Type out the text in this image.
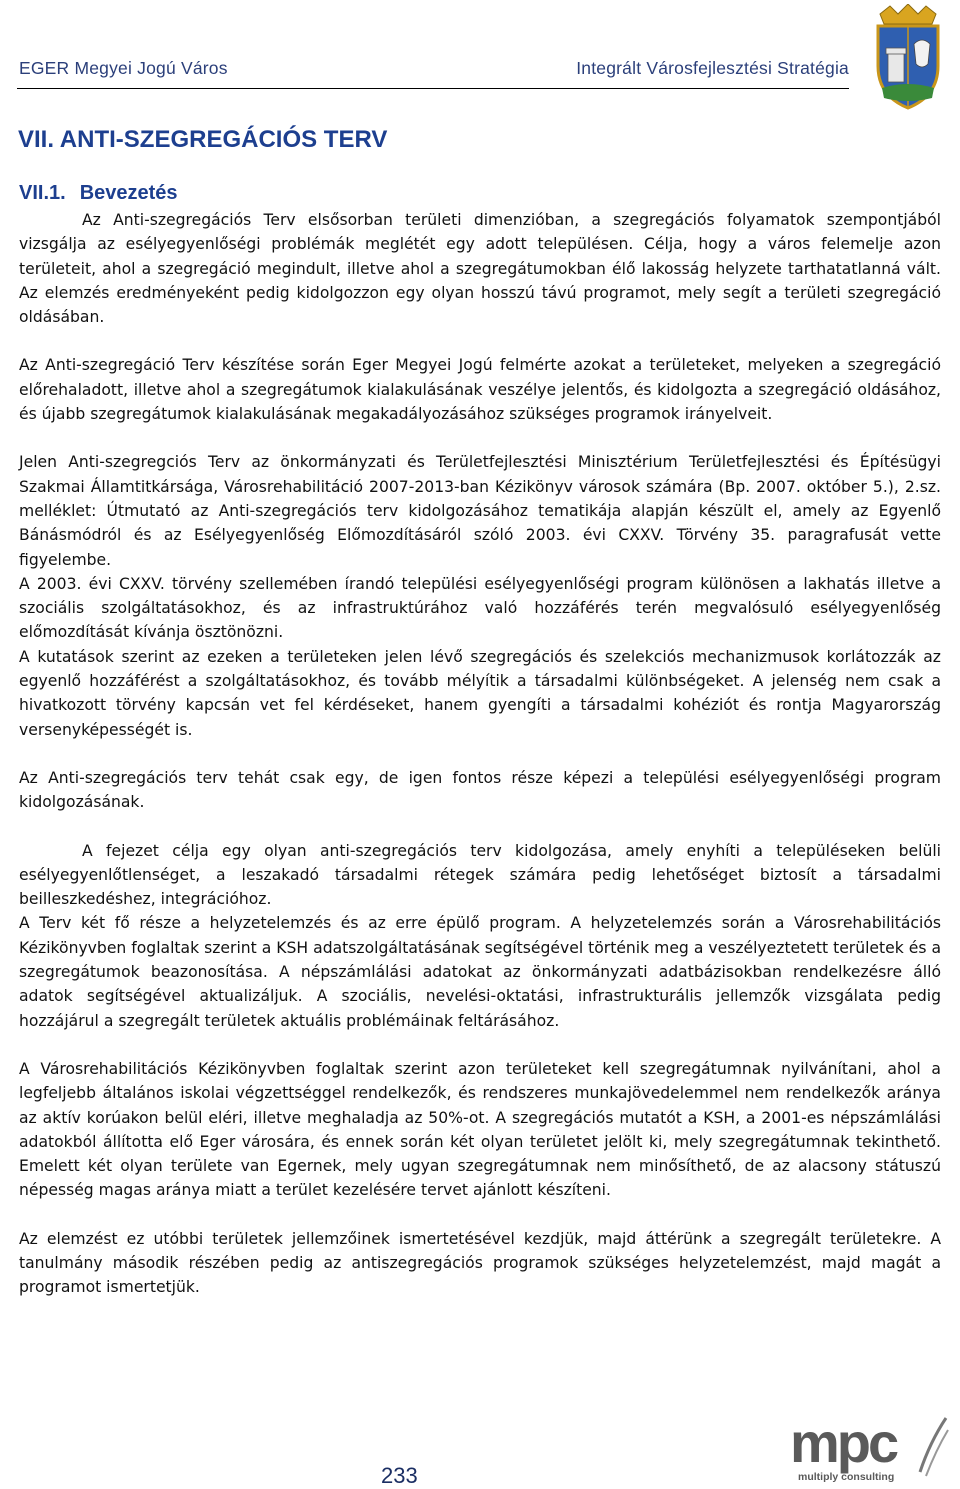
EGER Megyei Jogú Város	Integrált Városfejlesztési Stratégia
VII. ANTI-SZEGREGÁCIÓS TERV
VII.1. Bevezetés

Az Anti-szegregációs Terv elsősorban területi dimenzióban, a szegregációs folyamatok szempontjából vizsgálja az esélyegyenlőségi problémák meglétét egy adott településen. Célja, hogy a város felemelje azon területeit, ahol a szegregáció megindult, illetve ahol a szegregátumokban élő lakosság helyzete tarthatatlanná vált. Az elemzés eredményeként pedig kidolgozzon egy olyan hosszú távú programot, mely segít a területi szegregáció oldásában.

Az Anti-szegregáció Terv készítése során Eger Megyei Jogú felmérte azokat a területeket, melyeken a szegregáció előrehaladott, illetve ahol a szegregátumok kialakulásának veszélye jelentős, és kidolgozta a szegregáció oldásához, és újabb szegregátumok kialakulásának megakadályozásához szükséges programok irányelveit.

Jelen Anti-szegregciós Terv az önkormányzati és Területfejlesztési Minisztérium Területfejlesztési és Építésügyi Szakmai Államtitkársága, Városrehabilitáció 2007-2013-ban Kézikönyv városok számára (Bp. 2007. október 5.), 2.sz. melléklet: Útmutató az Anti-szegregációs terv kidolgozásához tematikája alapján készült el, amely az Egyenlő Bánásmódról és az Esélyegyenlőség Előmozdításáról szóló 2003. évi CXXV. Törvény 35. paragrafusát vette figyelembe.

A 2003. évi CXXV. törvény szellemében írandó települési esélyegyenlőségi program különösen a lakhatás illetve a szociális szolgáltatásokhoz, és az infrastruktúrához való hozzáférés terén megvalósuló esélyegyenlőség előmozdítását kívánja ösztönözni.

A kutatások szerint az ezeken a területeken jelen lévő szegregációs és szelekciós mechanizmusok korlátozzák az egyenlő hozzáférést a szolgáltatásokhoz, és tovább mélyítik a társadalmi különbségeket. A jelenség nem csak a hivatkozott törvény kapcsán vet fel kérdéseket, hanem gyengíti a társadalmi kohéziót és rontja Magyarország versenyképességét is.

Az Anti-szegregációs terv tehát csak egy, de igen fontos része képezi a települési esélyegyenlőségi program kidolgozásának.

A fejezet célja egy olyan anti-szegregációs terv kidolgozása, amely enyhíti a településeken belüli esélyegyenlőtlenséget, a leszakadó társadalmi rétegek számára pedig lehetőséget biztosít a társadalmi beilleszkedéshez, integrációhoz.

A Terv két fő része a helyzetelemzés és az erre épülő program. A helyzetelemzés során a Városrehabilitációs Kézikönyvben foglaltak szerint a KSH adatszolgáltatásának segítségével történik meg a veszélyeztetett területek és a szegregátumok beazonosítása. A népszámlálási adatokat az önkormányzati adatbázisokban rendelkezésre álló adatok segítségével aktualizáljuk. A szociális, nevelési-oktatási, infrastrukturális jellemzők vizsgálata pedig hozzájárul a szegregált területek aktuális problémáinak feltárásához.

A Városrehabilitációs Kézikönyvben foglaltak szerint azon területeket kell szegregátumnak nyilvánítani, ahol a legfeljebb általános iskolai végzettséggel rendelkezők, és rendszeres munkajövedelemmel nem rendelkezők aránya az aktív korúakon belül eléri, illetve meghaladja az 50%-ot. A szegregációs mutatót a KSH, a 2001-es népszámlálási adatokból állította elő Eger városára, és ennek során két olyan területet jelölt ki, mely szegregátumnak tekinthető. Emelett két olyan területe van Egernek, mely ugyan szegregátumnak nem minősíthető, de az alacsony státuszú népesség magas aránya miatt a terület kezelésére tervet ajánlott készíteni.

Az elemzést ez utóbbi területek jellemzőinek ismertetésével kezdjük, majd áttérünk a szegregált területekre. A tanulmány második részében pedig az antiszegregációs programok szükséges helyzetelemzést, majd magát a programot ismertetjük.

233
mpc
multiply consulting
